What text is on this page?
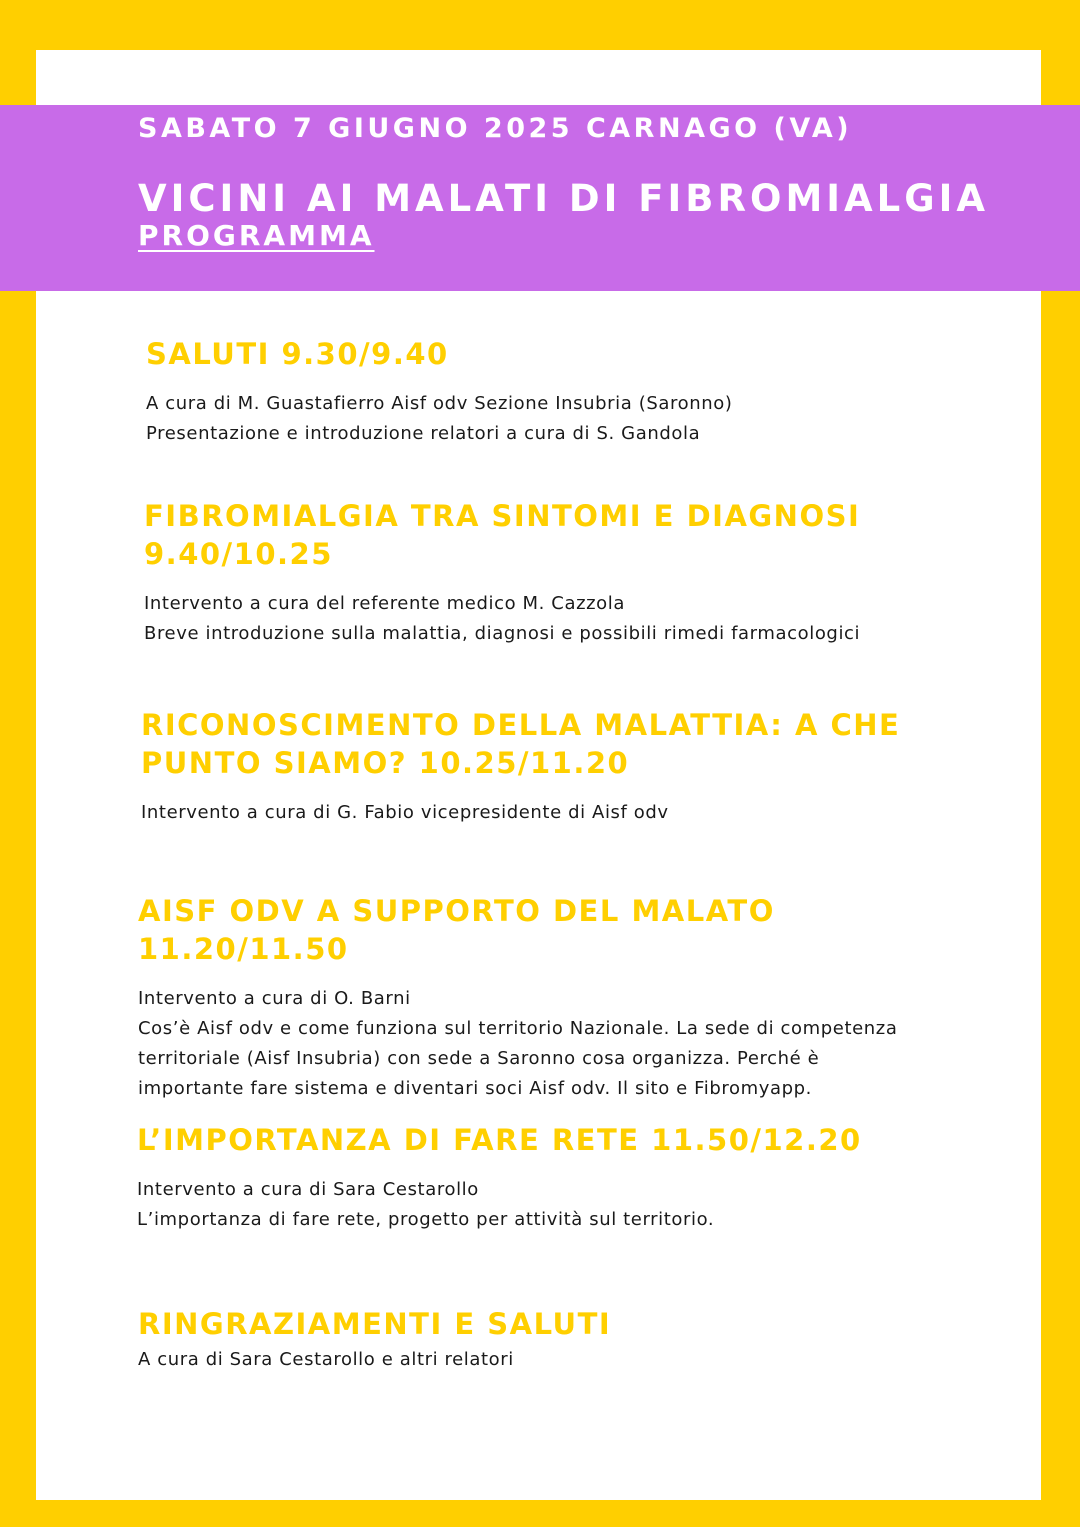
SABATO 7 GIUGNO 2025 CARNAGO (VA)
VICINI AI MALATI DI FIBROMIALGIA
PROGRAMMA
SALUTI 9.30/9.40

A cura di M. Guastafierro Aisf odv Sezione Insubria (Saronno)

Presentazione e introduzione relatori a cura di S. Gandola

FIBROMIALGIA TRA SINTOMI E DIAGNOSI
9.40/10.25

Intervento a cura del referente medico M. Cazzola

Breve introduzione sulla malattia, diagnosi e possibili rimedi farmacologici

RICONOSCIMENTO DELLA MALATTIA: A CHE
PUNTO SIAMO? 10.25/11.20

Intervento a cura di G. Fabio vicepresidente di Aisf odv

AISF ODV A SUPPORTO DEL MALATO
11.20/11.50

Intervento a cura di O. Barni

Cos’è Aisf odv e come funziona sul territorio Nazionale. La sede di competenza

territoriale (Aisf Insubria) con sede a Saronno cosa organizza. Perché è

importante fare sistema e diventari soci Aisf odv. Il sito e Fibromyapp.

L’IMPORTANZA DI FARE RETE 11.50/12.20

Intervento a cura di Sara Cestarollo

L’importanza di fare rete, progetto per attività sul territorio.

RINGRAZIAMENTI E SALUTI

A cura di Sara Cestarollo e altri relatori
